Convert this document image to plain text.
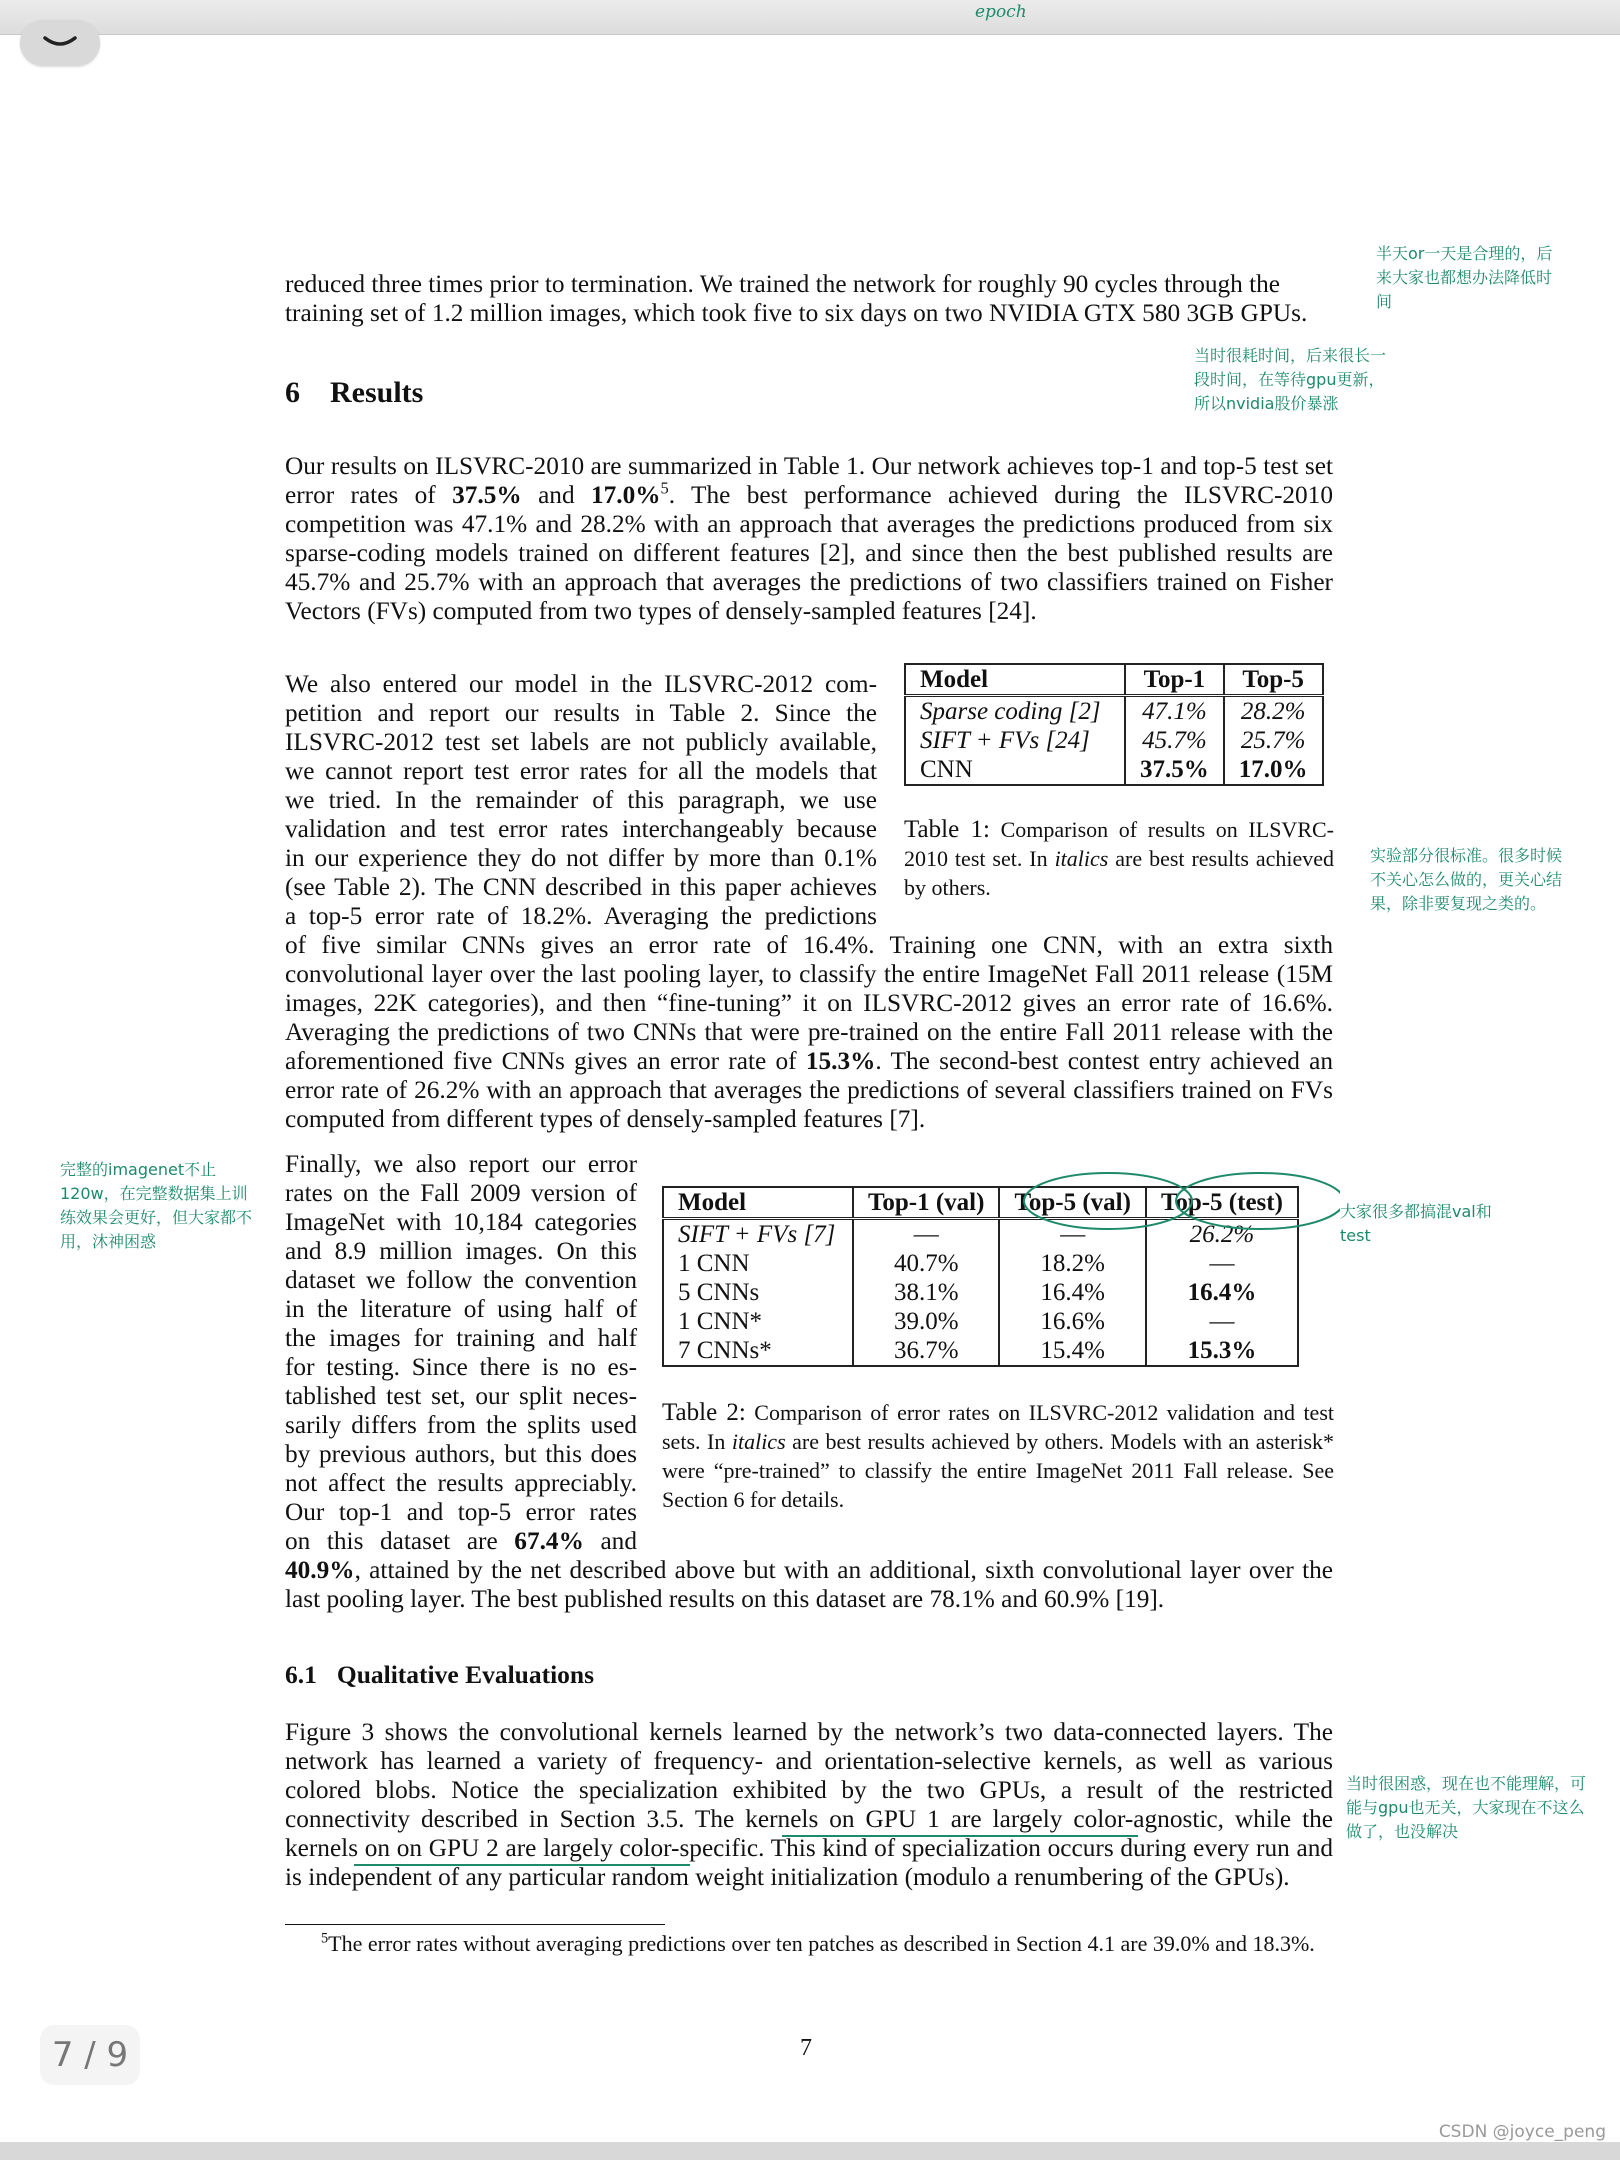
epoch
半天or一天是合理的，后来大家也都想办法降低时间
当时很耗时间，后来很长一段时间，在等待gpu更新，所以nvidia股价暴涨
实验部分很标准。很多时候不关心怎么做的，更关心结果，除非要复现之类的。
完整的imagenet不止120w，在完整数据集上训练效果会更好，但大家都不用，沐神困惑
大家很多都搞混val和test
当时很困惑，现在也不能理解，可能与gpu也无关，大家现在不这么做了，也没解决
reduced three times prior to termination. We trained the network for roughly 90 cycles through the
training set of 1.2 million images, which took five to six days on two NVIDIA GTX 580 3GB GPUs.
6 Results
Our results on ILSVRC-2010 are summarized in Table 1. Our network achieves top-1 and top-5 test set error rates of 37.5% and 17.0%$^5$. The best performance achieved during the ILSVRC-2010 competition was 47.1% and 28.2% with an approach that averages the predictions produced from six sparse-coding models trained on different features [2], and since then the best published results are 45.7% and 25.7% with an approach that averages the predictions of two classifiers trained on Fisher Vectors (FVs) computed from two types of densely-sampled features [24].
We also entered our model in the ILSVRC-2012 com-
petition and report our results in Table 2. Since the
ILSVRC-2012 test set labels are not publicly available,
we cannot report test error rates for all the models that
we tried. In the remainder of this paragraph, we use
validation and test error rates interchangeably because
in our experience they do not differ by more than 0.1%
(see Table 2). The CNN described in this paper achieves
a top-5 error rate of 18.2%. Averaging the predictions
of five similar CNNs gives an error rate of 16.4%. Training one CNN, with an extra sixth convolutional layer over the last pooling layer, to classify the entire ImageNet Fall 2011 release (15M images, 22K categories), and then “fine-tuning” it on ILSVRC-2012 gives an error rate of 16.6%. Averaging the predictions of two CNNs that were pre-trained on the entire Fall 2011 release with the aforementioned five CNNs gives an error rate of 15.3%. The second-best contest entry achieved an error rate of 26.2% with an approach that averages the predictions of several classifiers trained on FVs computed from different types of densely-sampled features [7].
Model	Top-1	Top-5
Sparse coding [2]	47.1%	28.2%
SIFT + FVs [24]	45.7%	25.7%
CNN	37.5%	17.0%
Table 1: Comparison of results on ILSVRC-2010 test set. In italics are best results achieved by others.
Finally, we also report our error
rates on the Fall 2009 version of
ImageNet with 10,184 categories
and 8.9 million images. On this
dataset we follow the convention
in the literature of using half of
the images for training and half
for testing. Since there is no es-
tablished test set, our split neces-
sarily differs from the splits used
by previous authors, but this does
not affect the results appreciably.
Our top-1 and top-5 error rates
on this dataset are 67.4% and
40.9%, attained by the net described above but with an additional, sixth convolutional layer over the last pooling layer. The best published results on this dataset are 78.1% and 60.9% [19].
Model	Top-1 (val)	Top-5 (val)	Top-5 (test)
SIFT + FVs [7]	—	—	26.2%
1 CNN	40.7%	18.2%	—
5 CNNs	38.1%	16.4%	16.4%
1 CNN*	39.0%	16.6%	—
7 CNNs*	36.7%	15.4%	15.3%
Table 2: Comparison of error rates on ILSVRC-2012 validation and test sets. In italics are best results achieved by others. Models with an asterisk* were “pre-trained” to classify the entire ImageNet 2011 Fall release. See Section 6 for details.
6.1 Qualitative Evaluations
Figure 3 shows the convolutional kernels learned by the network’s two data-connected layers. The network has learned a variety of frequency- and orientation-selective kernels, as well as various colored blobs. Notice the specialization exhibited by the two GPUs, a result of the restricted connectivity described in Section 3.5. The kernels on GPU 1 are largely color-agnostic, while the kernels on on GPU 2 are largely color-specific. This kind of specialization occurs during every run and is independent of any particular random weight initialization (modulo a renumbering of the GPUs).
$^5$The error rates without averaging predictions over ten patches as described in Section 4.1 are 39.0% and 18.3%.
7
7 / 9
CSDN @joyce_peng
